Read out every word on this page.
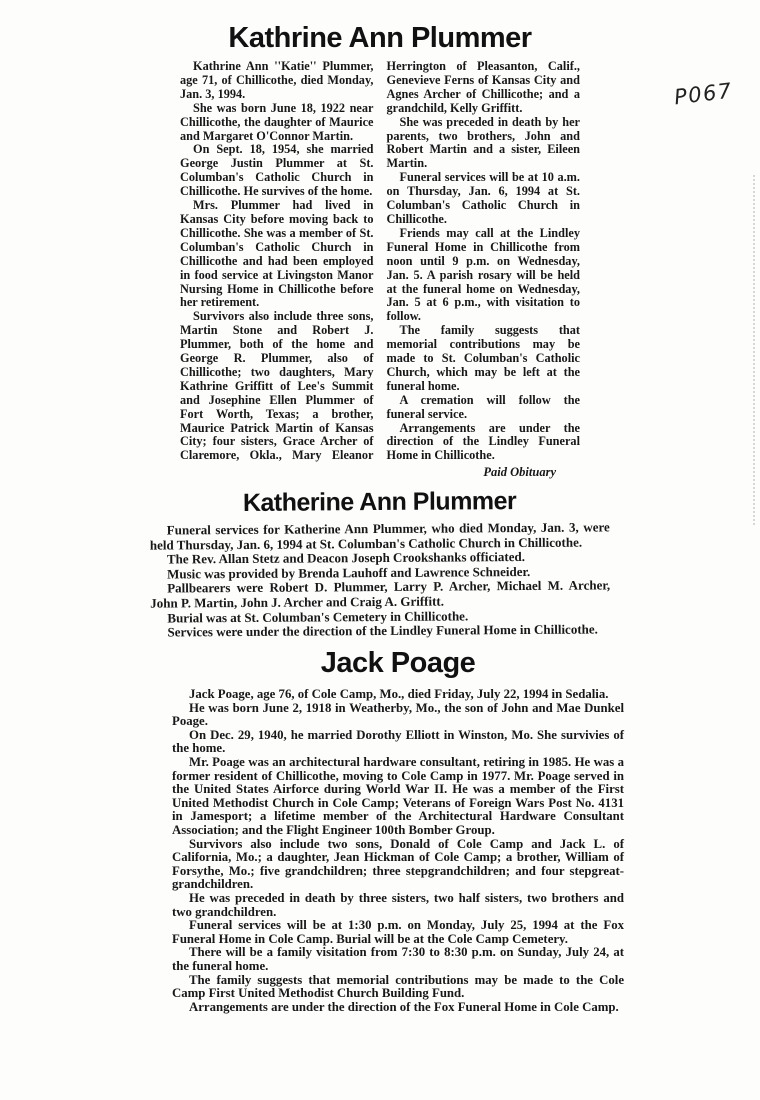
P067
Kathrine Ann Plummer

Kathrine Ann ''Katie'' Plummer, age 71, of Chillicothe, died Monday, Jan. 3, 1994.

She was born June 18, 1922 near Chillicothe, the daughter of Maurice and Margaret O'Connor Martin.

On Sept. 18, 1954, she married George Justin Plummer at St. Columban's Catholic Church in Chillicothe. He survives of the home.

Mrs. Plummer had lived in Kansas City before moving back to Chillicothe. She was a member of St. Columban's Catholic Church in Chillicothe and had been employed in food service at Livingston Manor Nursing Home in Chillicothe before her retirement.

Survivors also include three sons, Martin Stone and Robert J. Plummer, both of the home and George R. Plummer, also of Chillicothe; two daughters, Mary Kathrine Griffitt of Lee's Summit and Josephine Ellen Plummer of Fort Worth, Texas; a brother, Maurice Patrick Martin of Kansas City; four sisters, Grace Archer of Claremore, Okla., Mary Eleanor Herrington of Pleasanton, Calif., Genevieve Ferns of Kansas City and Agnes Archer of Chillicothe; and a grandchild, Kelly Griffitt.

She was preceded in death by her parents, two brothers, John and Robert Martin and a sister, Eileen Martin.

Funeral services will be at 10 a.m. on Thursday, Jan. 6, 1994 at St. Columban's Catholic Church in Chillicothe.

Friends may call at the Lindley Funeral Home in Chillicothe from noon until 9 p.m. on Wednesday, Jan. 5. A parish rosary will be held at the funeral home on Wednesday, Jan. 5 at 6 p.m., with visitation to follow.

The family suggests that memorial contributions may be made to St. Columban's Catholic Church, which may be left at the funeral home.

A cremation will follow the funeral service.

Arrangements are under the direction of the Lindley Funeral Home in Chillicothe.

Paid Obituary
Katherine Ann Plummer

Funeral services for Katherine Ann Plummer, who died Monday, Jan. 3, were held Thursday, Jan. 6, 1994 at St. Columban's Catholic Church in Chillicothe.

The Rev. Allan Stetz and Deacon Joseph Crookshanks officiated.

Music was provided by Brenda Lauhoff and Lawrence Schneider.

Pallbearers were Robert D. Plummer, Larry P. Archer, Michael M. Archer, John P. Martin, John J. Archer and Craig A. Griffitt.

Burial was at St. Columban's Cemetery in Chillicothe.

Services were under the direction of the Lindley Funeral Home in Chillicothe.

Jack Poage

Jack Poage, age 76, of Cole Camp, Mo., died Friday, July 22, 1994 in Sedalia.

He was born June 2, 1918 in Weatherby, Mo., the son of John and Mae Dunkel Poage.

On Dec. 29, 1940, he married Dorothy Elliott in Winston, Mo. She survivies of the home.

Mr. Poage was an architectural hardware consultant, retiring in 1985. He was a former resident of Chillicothe, moving to Cole Camp in 1977. Mr. Poage served in the United States Airforce during World War II. He was a member of the First United Methodist Church in Cole Camp; Veterans of Foreign Wars Post No. 4131 in Jamesport; a lifetime member of the Architectural Hardware Consultant Association; and the Flight Engineer 100th Bomber Group.

Survivors also include two sons, Donald of Cole Camp and Jack L. of California, Mo.; a daughter, Jean Hickman of Cole Camp; a brother, William of Forsythe, Mo.; five grandchildren; three stepgrandchildren; and four stepgreat-grandchildren.

He was preceded in death by three sisters, two half sisters, two brothers and two grandchildren.

Funeral services will be at 1:30 p.m. on Monday, July 25, 1994 at the Fox Funeral Home in Cole Camp. Burial will be at the Cole Camp Cemetery.

There will be a family visitation from 7:30 to 8:30 p.m. on Sunday, July 24, at the funeral home.

The family suggests that memorial contributions may be made to the Cole Camp First United Methodist Church Building Fund.

Arrangements are under the direction of the Fox Funeral Home in Cole Camp.
